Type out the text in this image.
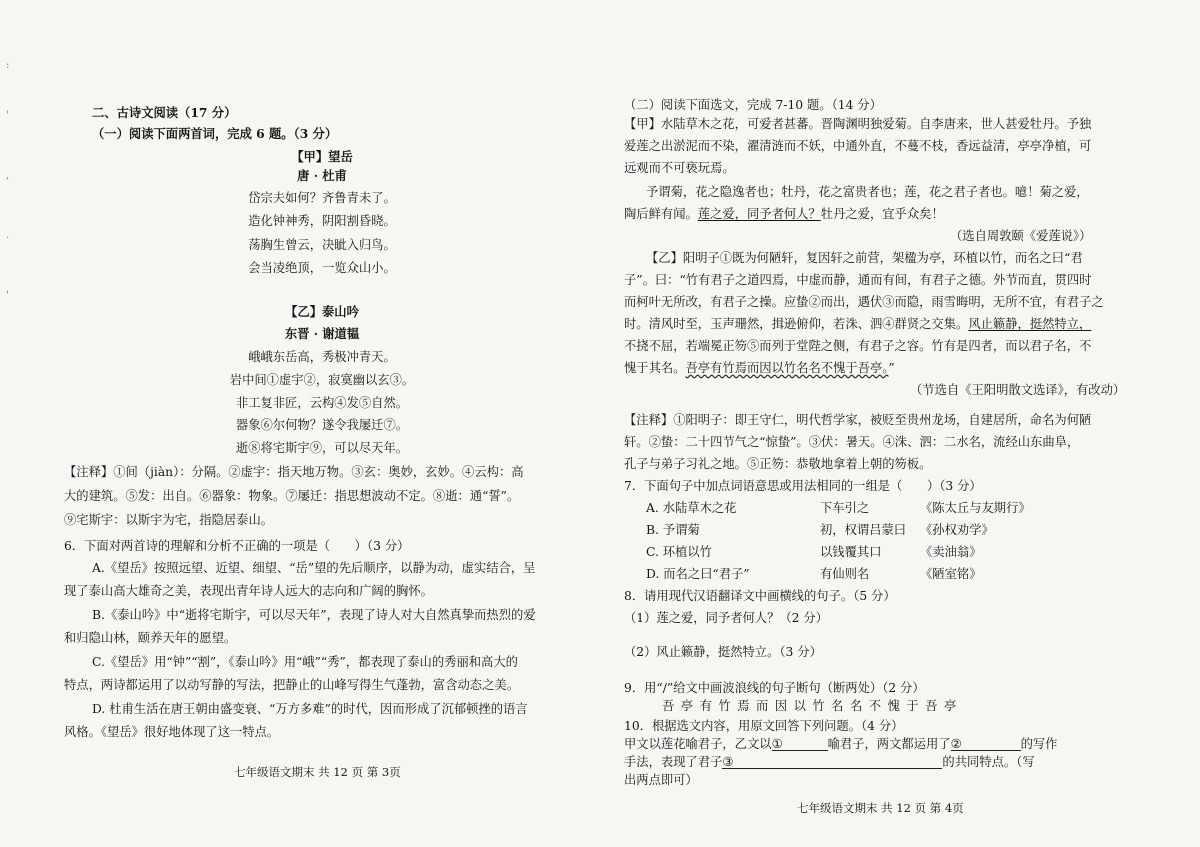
:
'
,
.
'
二、古诗文阅读（17 分）
（一）阅读下面两首词，完成 6 题。（3 分）
【甲】望岳
唐 · 杜甫
岱宗夫如何？齐鲁青未了。
造化钟神秀，阴阳割昏晓。
荡胸生曾云，决眦入归鸟。
会当凌绝顶，一览众山小。
【乙】泰山吟
东晋 · 谢道韫
峨峨东岳高，秀极冲青天。
岩中间①虚宇②，寂寞幽以玄③。
非工复非匠，云构④发⑤自然。
器象⑥尔何物？遂令我屡迁⑦。
逝⑧将宅斯宇⑨，可以尽天年。
【注释】①间（jiàn）：分隔。②虚宇：指天地万物。③玄：奥妙，玄妙。④云构：高
大的建筑。⑤发：出自。⑥器象：物象。⑦屡迁：指思想波动不定。⑧逝：通“誓”。
⑨宅斯宇：以斯宇为宅，指隐居泰山。
6．下面对两首诗的理解和分析不正确的一项是（　　）（3 分）
A.《望岳》按照远望、近望、细望、“岳”望的先后顺序，以静为动，虚实结合，呈
现了泰山高大雄奇之美，表现出青年诗人远大的志向和广阔的胸怀。
B.《泰山吟》中“逝将宅斯宇，可以尽天年”，表现了诗人对大自然真挚而热烈的爱
和归隐山林，颐养天年的愿望。
C.《望岳》用“钟”“割”，《泰山吟》用“峨”“秀”，都表现了泰山的秀丽和高大的
特点，两诗都运用了以动写静的写法，把静止的山峰写得生气蓬勃，富含动态之美。
D. 杜甫生活在唐王朝由盛变衰、“万方多难”的时代，因而形成了沉郁顿挫的语言
风格。《望岳》很好地体现了这一特点。
七年级语文期末 共 12 页 第 3页
（二）阅读下面选文，完成 7-10 题。（14 分）
【甲】水陆草木之花，可爱者甚蕃。晋陶渊明独爱菊。自李唐来，世人甚爱牡丹。予独
爱莲之出淤泥而不染，濯清涟而不妖，中通外直，不蔓不枝，香远益清，亭亭净植，可
远观而不可亵玩焉。
予谓菊，花之隐逸者也；牡丹，花之富贵者也；莲，花之君子者也。噫！菊之爱，
陶后鲜有闻。莲之爱，同予者何人？牡丹之爱，宜乎众矣！
（选自周敦颐《爱莲说》）
【乙】阳明子①既为何陋轩，复因轩之前营，架楹为亭，环植以竹，而名之曰“君
子”。曰：“竹有君子之道四焉，中虚而静，通而有间，有君子之德。外节而直，贯四时
而柯叶无所改，有君子之操。应蛰②而出，遇伏③而隐，雨雪晦明，无所不宜，有君子之
时。清风时至，玉声珊然，揖逊俯仰，若洙、泗④群贤之交集。风止籁静，挺然特立，
不挠不屈，若端冕正笏⑤而列于堂陛之侧，有君子之容。竹有是四者，而以君子名，不
愧于其名。吾亭有竹焉而因以竹名名不愧于吾亭。”
（节选自《王阳明散文选译》，有改动）
【注释】①阳明子：即王守仁，明代哲学家，被贬至贵州龙场，自建居所，命名为何陋
轩。②蛰：二十四节气之“惊蛰”。③伏：暑天。④洙、泗：二水名，流经山东曲阜，
孔子与弟子习礼之地。⑤正笏：恭敬地拿着上朝的笏板。
7．下面句子中加点词语意思或用法相同的一组是（　　）（3 分）
A. 水陆草木之花	下车引之	《陈太丘与友期行》
B. 予谓菊	初，权谓吕蒙曰 《孙权劝学》
C. 环植以竹	以钱覆其口	《卖油翁》
D. 而名之曰“君子”	有仙则名	《陋室铭》
8．请用现代汉语翻译文中画横线的句子。（5 分）
（1）莲之爱，同予者何人？（2 分）
（2）风止籁静，挺然特立。（3 分）
9．用“/”给文中画波浪线的句子断句（断两处）（2 分）
吾亭有竹焉而因以竹名名不愧于吾亭
10．根据选文内容，用原文回答下列问题。（4 分）
甲文以莲花喻君子，乙文以①	喻君子，两文都运用了②	的写作
手法，表现了君子③	的共同特点。（写
出两点即可）
七年级语文期末 共 12 页 第 4页
